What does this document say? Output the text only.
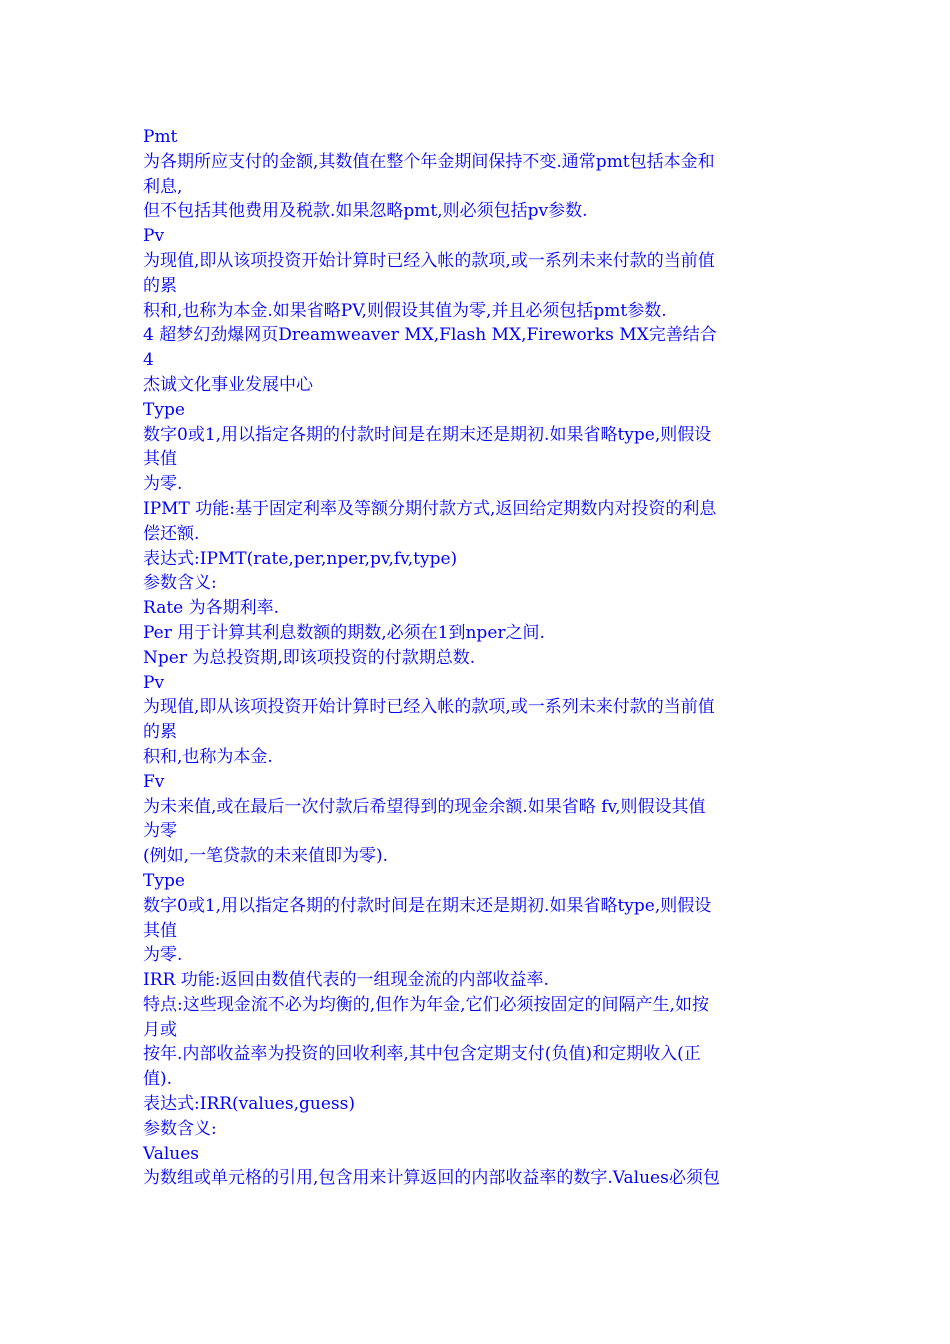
Pmt
为各期所应支付的金额,其数值在整个年金期间保持不变.通常pmt包括本金和
利息,
但不包括其他费用及税款.如果忽略pmt,则必须包括pv参数.
Pv
为现值,即从该项投资开始计算时已经入帐的款项,或一系列未来付款的当前值
的累
积和,也称为本金.如果省略PV,则假设其值为零,并且必须包括pmt参数.
4 超梦幻劲爆网页Dreamweaver MX,Flash MX,Fireworks MX完善结合
4
杰诚文化事业发展中心
Type
数字0或1,用以指定各期的付款时间是在期末还是期初.如果省略type,则假设
其值
为零.
IPMT 功能:基于固定利率及等额分期付款方式,返回给定期数内对投资的利息
偿还额.
表达式:IPMT(rate,per,nper,pv,fv,type)
参数含义:
Rate 为各期利率.
Per 用于计算其利息数额的期数,必须在1到nper之间.
Nper 为总投资期,即该项投资的付款期总数.
Pv
为现值,即从该项投资开始计算时已经入帐的款项,或一系列未来付款的当前值
的累
积和,也称为本金.
Fv
为未来值,或在最后一次付款后希望得到的现金余额.如果省略 fv,则假设其值
为零
(例如,一笔贷款的未来值即为零).
Type
数字0或1,用以指定各期的付款时间是在期末还是期初.如果省略type,则假设
其值
为零.
IRR 功能:返回由数值代表的一组现金流的内部收益率.
特点:这些现金流不必为均衡的,但作为年金,它们必须按固定的间隔产生,如按
月或
按年.内部收益率为投资的回收利率,其中包含定期支付(负值)和定期收入(正
值).
表达式:IRR(values,guess)
参数含义:
Values
为数组或单元格的引用,包含用来计算返回的内部收益率的数字.Values必须包
